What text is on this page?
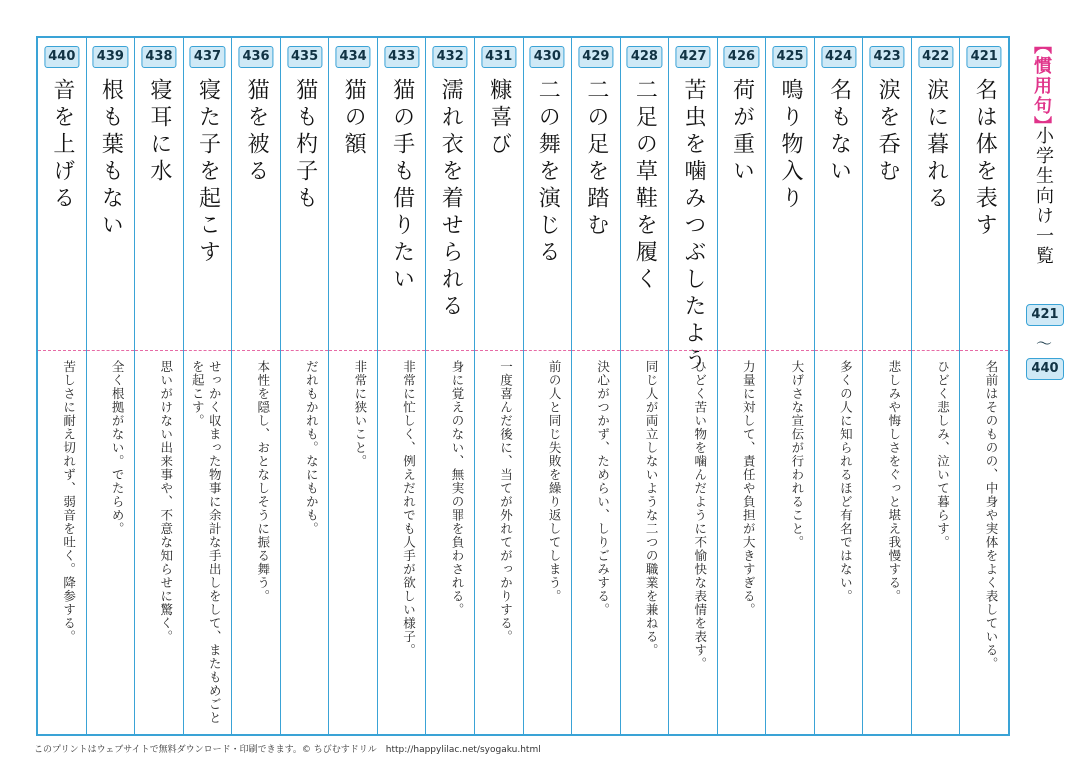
421
名は体を表す
名前はそのものの、中身や実体をよく表している。
422
涙に暮れる
ひどく悲しみ、泣いて暮らす。
423
涙を呑む
悲しみや悔しさをぐっと堪え我慢する。
424
名もない
多くの人に知られるほど有名ではない。
425
鳴り物入り
大げさな宣伝が行われること。
426
荷が重い
力量に対して、責任や負担が大きすぎる。
427
苦虫を噛みつぶしたよう
ひどく苦い物を噛んだように不愉快な表情を表す。
428
二足の草鞋を履く
同じ人が両立しないような二つの職業を兼ねる。
429
二の足を踏む
決心がつかず、ためらい、しりごみする。
430
二の舞を演じる
前の人と同じ失敗を繰り返してしまう。
431
糠喜び
一度喜んだ後に、当てが外れてがっかりする。
432
濡れ衣を着せられる
身に覚えのない、無実の罪を負わされる。
433
猫の手も借りたい
非常に忙しく、例えだれでも人手が欲しい様子。
434
猫の額
非常に狭いこと。
435
猫も杓子も
だれもかれも。なにもかも。
436
猫を被る
本性を隠し、おとなしそうに振る舞う。
437
寝た子を起こす
せっかく収まった物事に余計な手出しをして、またもめごとを起こす。
438
寝耳に水
思いがけない出来事や、不意な知らせに驚く。
439
根も葉もない
全く根拠がない。でたらめ。
440
音を上げる
苦しさに耐え切れず、弱音を吐く。降参する。
【慣用句】
小学生向け一覧
421
〜
440
このプリントはウェブサイトで無料ダウンロード・印刷できます。© ちびむすドリル　http://happylilac.net/syogaku.html
